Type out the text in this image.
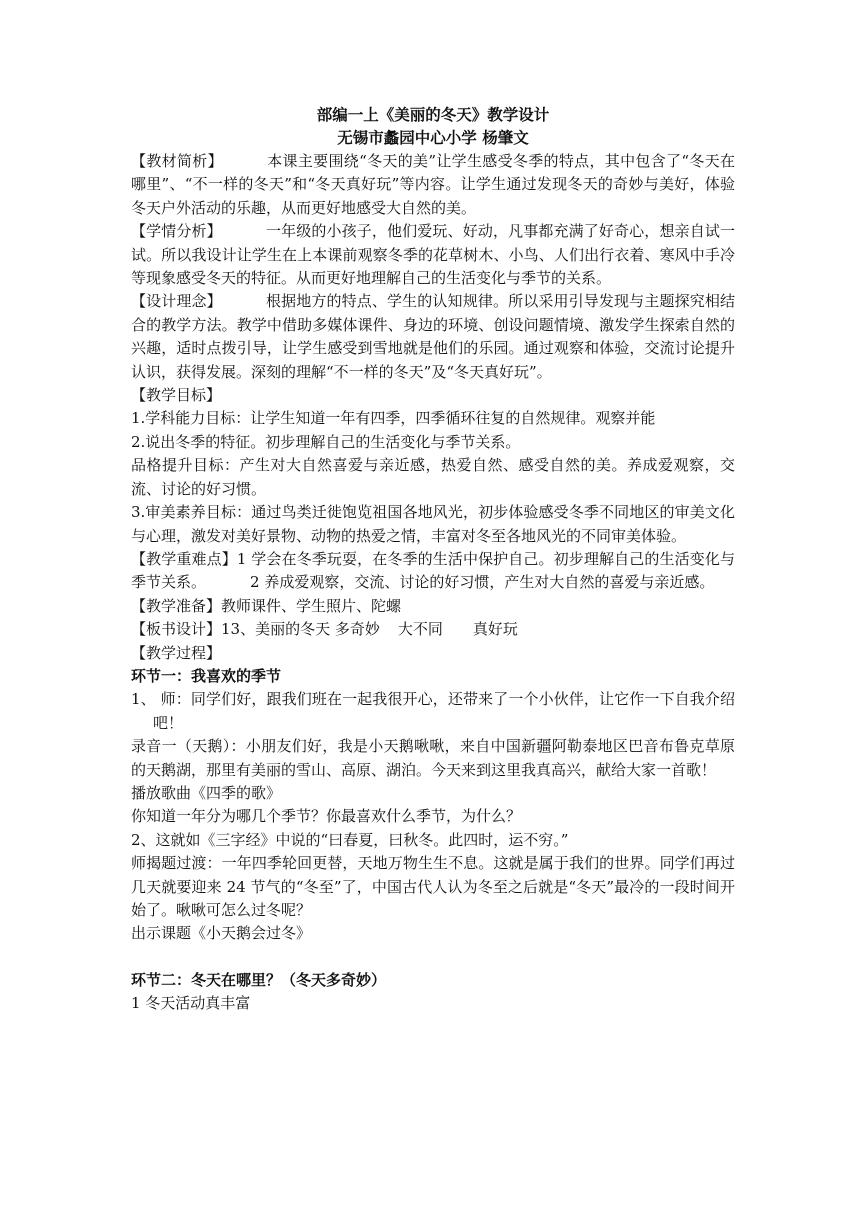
部编一上《美丽的冬天》教学设计

无锡市蠡园中心小学 杨肇文

【教材简析】	本课主要围绕“冬天的美”让学生感受冬季的特点，其中包含了“冬天在哪里”、“不一样的冬天”和“冬天真好玩”等内容。让学生通过发现冬天的奇妙与美好，体验冬天户外活动的乐趣，从而更好地感受大自然的美。

【学情分析】	一年级的小孩子，他们爱玩、好动，凡事都充满了好奇心，想亲自试一试。所以我设计让学生在上本课前观察冬季的花草树木、小鸟、人们出行衣着、寒风中手冷等现象感受冬天的特征。从而更好地理解自己的生活变化与季节的关系。

【设计理念】	根据地方的特点、学生的认知规律。所以采用引导发现与主题探究相结合的教学方法。教学中借助多媒体课件、身边的环境、创设问题情境、激发学生探索自然的兴趣，适时点拨引导，让学生感受到雪地就是他们的乐园。通过观察和体验，交流讨论提升认识，获得发展。深刻的理解“不一样的冬天”及“冬天真好玩”。

【教学目标】

1.学科能力目标：让学生知道一年有四季，四季循环往复的自然规律。观察并能

2.说出冬季的特征。初步理解自己的生活变化与季节关系。

品格提升目标：产生对大自然喜爱与亲近感，热爱自然、感受自然的美。养成爱观察，交流、讨论的好习惯。

3.审美素养目标：通过鸟类迁徙饱览祖国各地风光，初步体验感受冬季不同地区的审美文化与心理，激发对美好景物、动物的热爱之情，丰富对冬至各地风光的不同审美体验。

【教学重难点】1 学会在冬季玩耍，在冬季的生活中保护自己。初步理解自己的生活变化与季节关系。	2 养成爱观察，交流、讨论的好习惯，产生对大自然的喜爱与亲近感。

【教学准备】教师课件、学生照片、陀螺

【板书设计】13、美丽的冬天 多奇妙 大不同 真好玩

【教学过程】

环节一：我喜欢的季节

1、 师：同学们好，跟我们班在一起我很开心，还带来了一个小伙伴，让它作一下自我介绍吧！

录音一（天鹅）：小朋友们好，我是小天鹅啾啾，来自中国新疆阿勒泰地区巴音布鲁克草原的天鹅湖，那里有美丽的雪山、高原、湖泊。今天来到这里我真高兴，献给大家一首歌！

播放歌曲《四季的歌》

你知道一年分为哪几个季节？你最喜欢什么季节，为什么？

2、这就如《三字经》中说的“曰春夏，曰秋冬。此四时，运不穷。”

师揭题过渡：一年四季轮回更替，天地万物生生不息。这就是属于我们的世界。同学们再过几天就要迎来 24 节气的“冬至”了，中国古代人认为冬至之后就是“冬天”最冷的一段时间开始了。啾啾可怎么过冬呢？

出示课题《小天鹅会过冬》

环节二：冬天在哪里？（冬天多奇妙）

1 冬天活动真丰富
